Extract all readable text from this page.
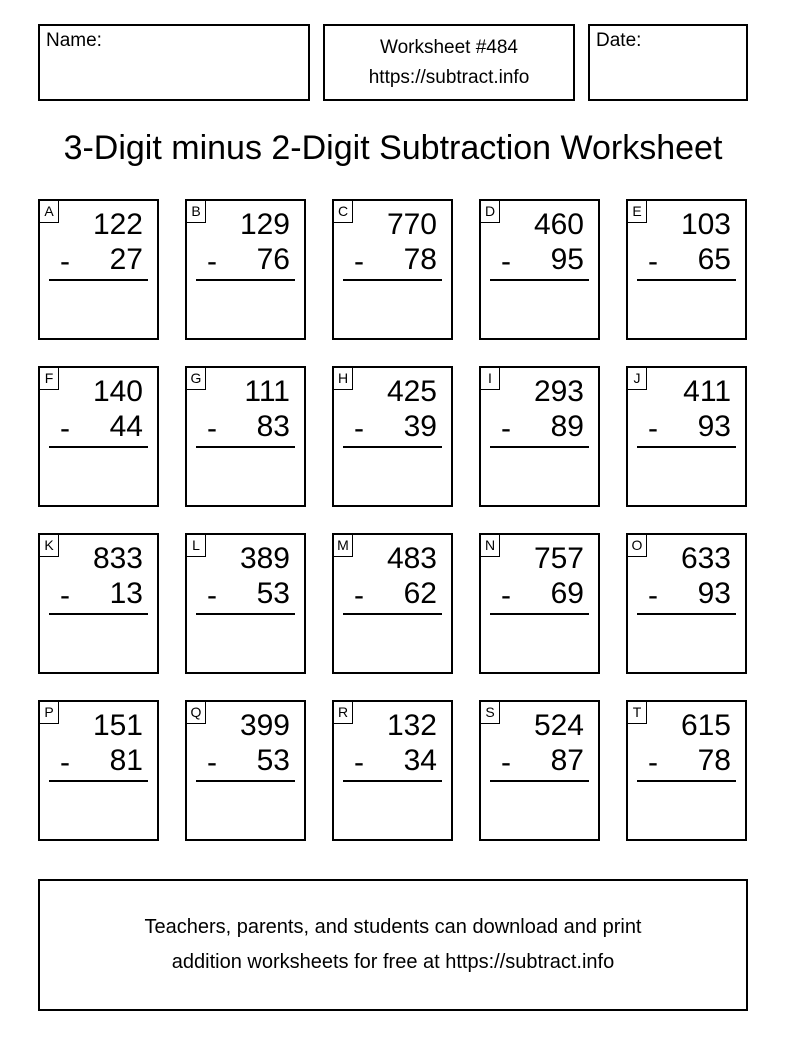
Name:	Worksheet #484
https://subtract.info
Date:
3-Digit minus 2-Digit Subtraction Worksheet
A 122
- 27
B 129
- 76
C 770
- 78
D 460
- 95
E 103
- 65
F 140
- 44
G 111
- 83
H 425
- 39
I 293
- 89
J 411
- 93
K 833
- 13
L 389
- 53
M 483
- 62
N 757
- 69
O 633
- 93
P 151
- 81
Q 399
- 53
R 132
- 34
S 524
- 87
T 615
- 78
Teachers, parents, and students can download and print
addition worksheets for free at https://subtract.info
